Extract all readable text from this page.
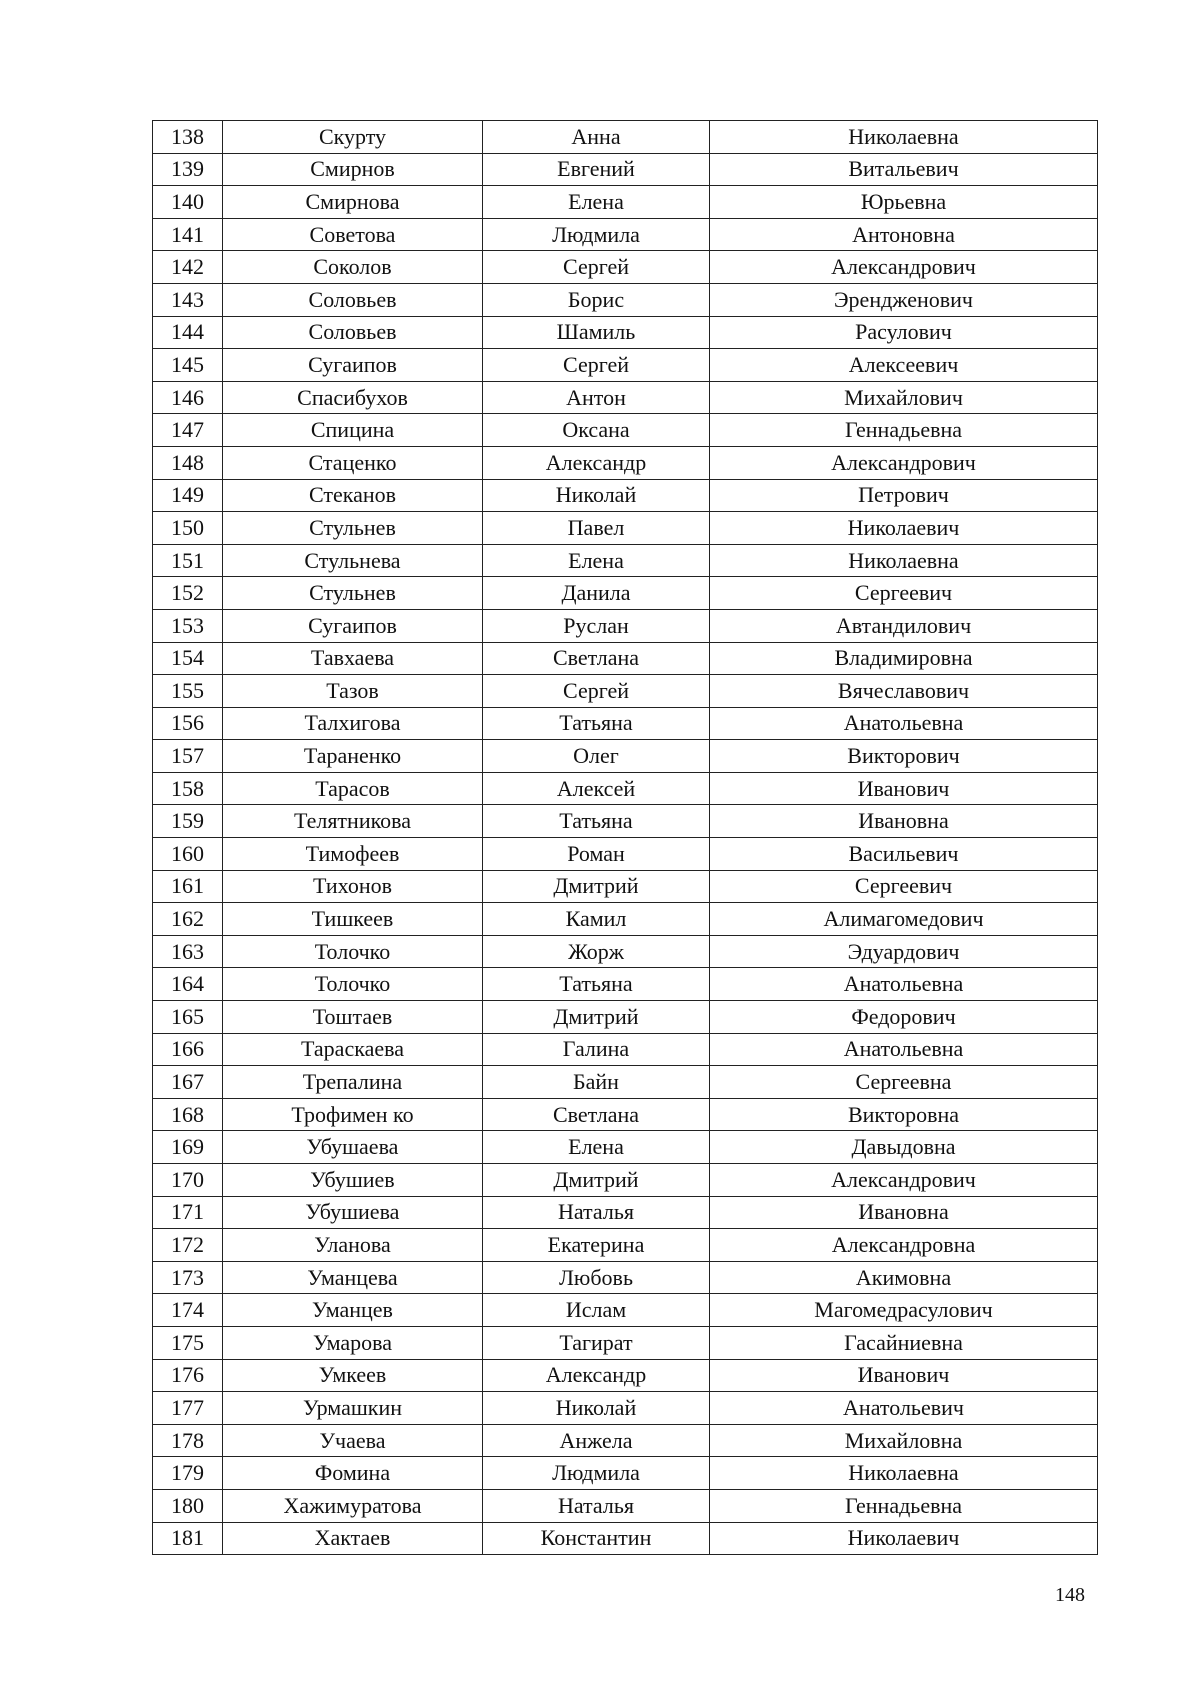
138	Скурту	Анна	Николаевна
139	Смирнов	Евгений	Витальевич
140	Смирнова	Елена	Юрьевна
141	Советова	Людмила	Антоновна
142	Соколов	Сергей	Александрович
143	Соловьев	Борис	Эрендженович
144	Соловьев	Шамиль	Расулович
145	Сугаипов	Сергей	Алексеевич
146	Спасибухов	Антон	Михайлович
147	Спицина	Оксана	Геннадьевна
148	Стаценко	Александр	Александрович
149	Стеканов	Николай	Петрович
150	Стульнев	Павел	Николаевич
151	Стульнева	Елена	Николаевна
152	Стульнев	Данила	Сергеевич
153	Сугаипов	Руслан	Автандилович
154	Тавхаева	Светлана	Владимировна
155	Тазов	Сергей	Вячеславович
156	Талхигова	Татьяна	Анатольевна
157	Тараненко	Олег	Викторович
158	Тарасов	Алексей	Иванович
159	Телятникова	Татьяна	Ивановна
160	Тимофеев	Роман	Васильевич
161	Тихонов	Дмитрий	Сергеевич
162	Тишкеев	Камил	Алимагомедович
163	Толочко	Жорж	Эдуардович
164	Толочко	Татьяна	Анатольевна
165	Тоштаев	Дмитрий	Федорович
166	Тараскаева	Галина	Анатольевна
167	Трепалина	Байн	Сергеевна
168	Трофимен ко	Светлана	Викторовна
169	Убушаева	Елена	Давыдовна
170	Убушиев	Дмитрий	Александрович
171	Убушиева	Наталья	Ивановна
172	Уланова	Екатерина	Александровна
173	Уманцева	Любовь	Акимовна
174	Уманцев	Ислам	Магомедрасулович
175	Умарова	Тагират	Гасайниевна
176	Умкеев	Александр	Иванович
177	Урмашкин	Николай	Анатольевич
178	Учаева	Анжела	Михайловна
179	Фомина	Людмила	Николаевна
180	Хажимуратова	Наталья	Геннадьевна
181	Хактаев	Константин	Николаевич
148
